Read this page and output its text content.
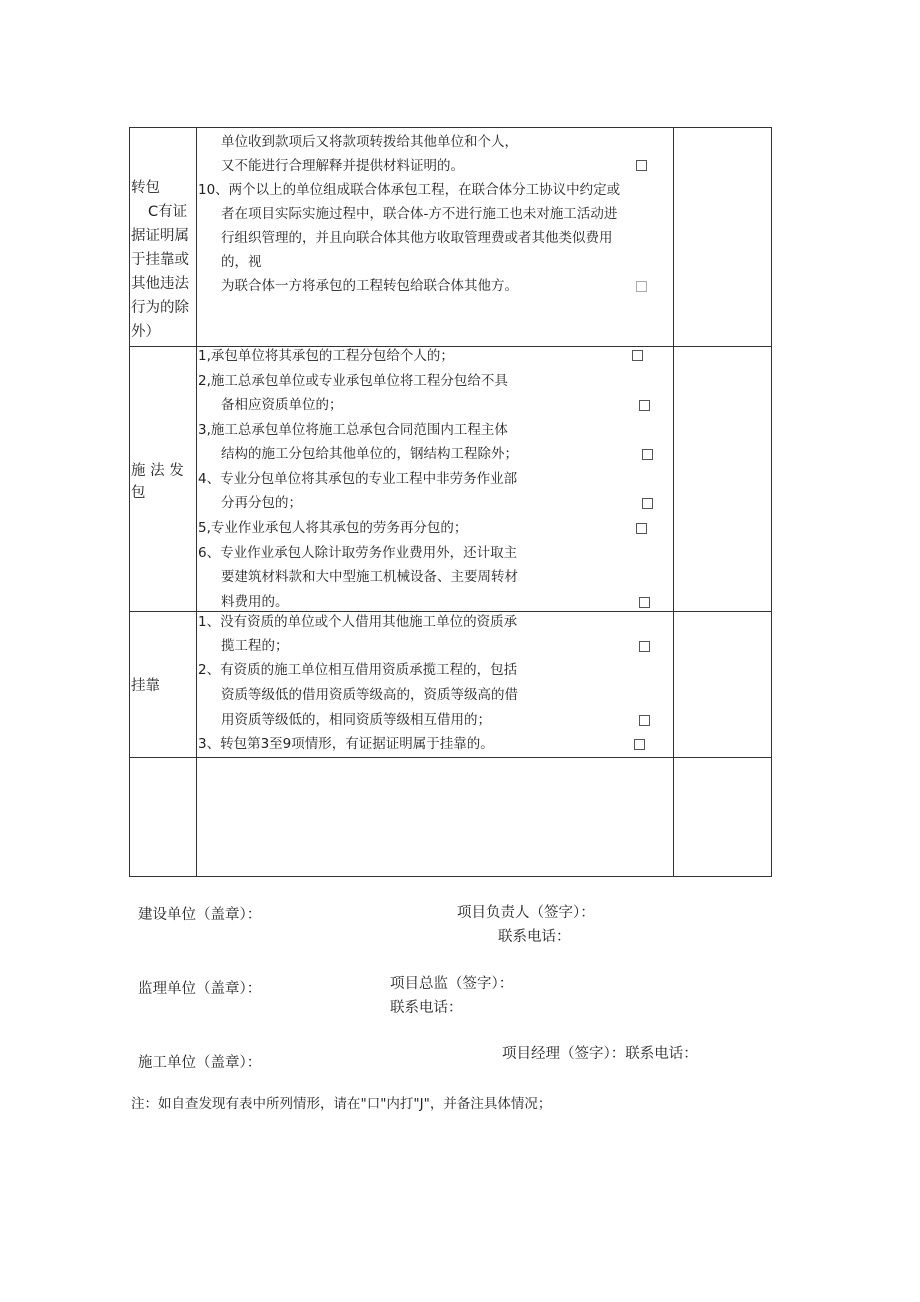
转包
C有证
据证明属
于挂靠或
其他违法
行为的除
外）
单位收到款项后又将款项转拨给其他单位和个人，
又不能进行合理解释并提供材料证明的。
10、两个以上的单位组成联合体承包工程，在联合体分工协议中约定或
者在项目实际实施过程中，联合体-方不进行施工也未对施工活动进
行组织管理的，并且向联合体其他方收取管理费或者其他类似费用
的，视
为联合体一方将承包的工程转包给联合体其他方。
施 法 发
包
1,承包单位将其承包的工程分包给个人的；
2,施工总承包单位或专业承包单位将工程分包给不具
备相应资质单位的；
3,施工总承包单位将施工总承包合同范围内工程主体
结构的施工分包给其他单位的，钢结构工程除外；
4、专业分包单位将其承包的专业工程中非劳务作业部
分再分包的；
5,专业作业承包人将其承包的劳务再分包的；
6、专业作业承包人除计取劳务作业费用外，还计取主
要建筑材料款和大中型施工机械设备、主要周转材
料费用的。
挂靠
1、没有资质的单位或个人借用其他施工单位的资质承
揽工程的；
2、有资质的施工单位相互借用资质承揽工程的，包括
资质等级低的借用资质等级高的，资质等级高的借
用资质等级低的，相同资质等级相互借用的；
3、转包第3至9项情形，有证据证明属于挂靠的。
建设单位（盖章）：	项目负责人（签字）：
联系电话：
监理单位（盖章）：	项目总监（签字）：
联系电话：
施工单位（盖章）：
项目经理（签字）：联系电话：
注：如自查发现有表中所列情形，请在"口"内打"J"，并备注具体情况；
